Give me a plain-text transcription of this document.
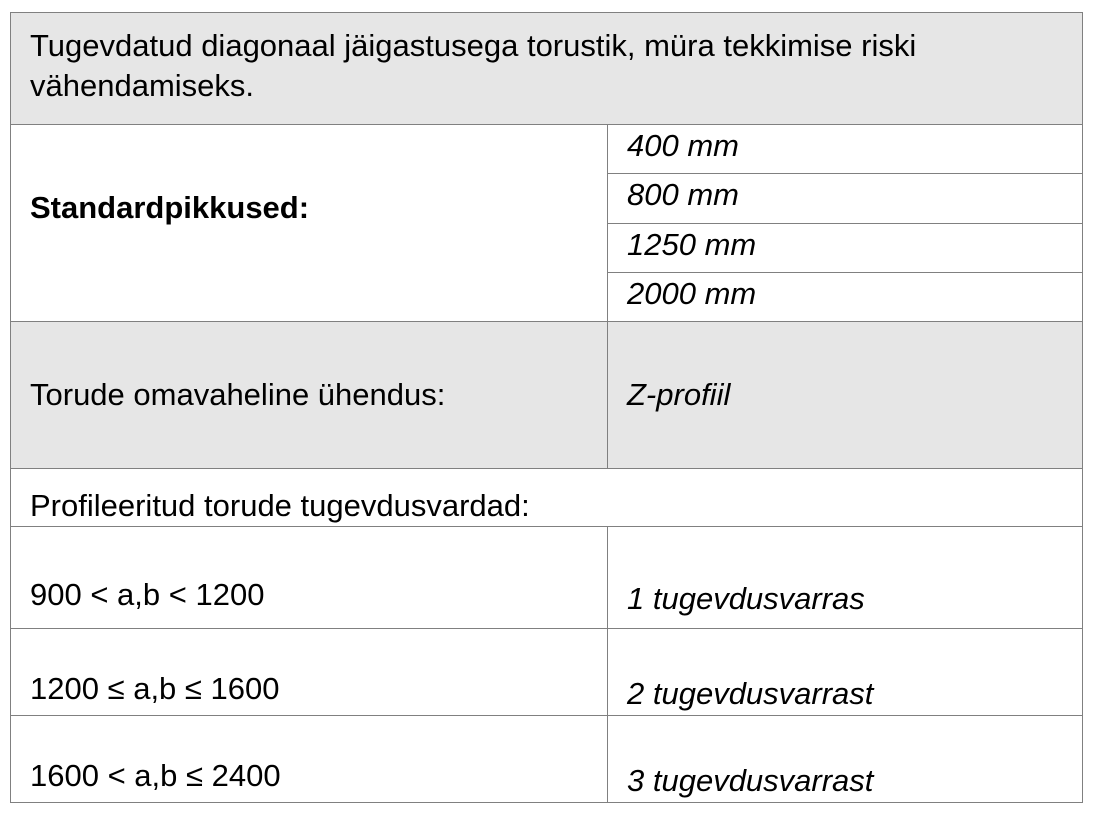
Tugevdatud diagonaal jäigastusega torustik, müra tekkimise riski vähendamiseks.	

Standardpikkused:	400 mm

	800 mm

	1250 mm

	2000 mm

Torude omavaheline ühendus:	Z-profiil

Profileeritud torude tugevdusvardad:	

900 < a,b < 1200	1 tugevdusvarras

1200 ≤ a,b ≤ 1600	2 tugevdusvarrast

1600 < a,b ≤ 2400	3 tugevdusvarrast
